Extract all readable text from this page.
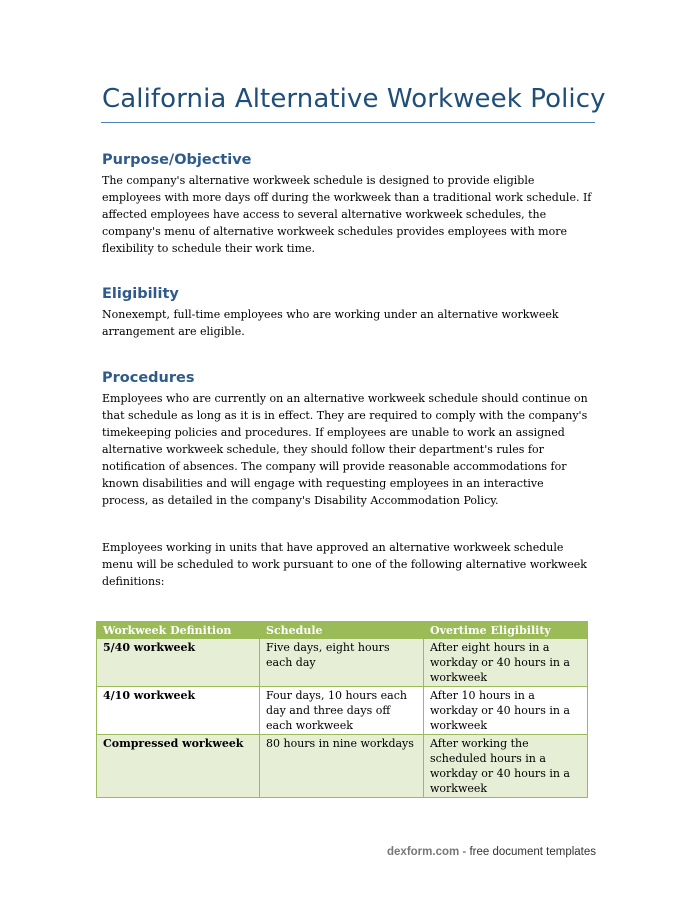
California Alternative Workweek Policy
Purpose/Objective

The company's alternative workweek schedule is designed to provide eligible employees with more days off during the workweek than a traditional work schedule. If affected employees have access to several alternative workweek schedules, the company's menu of alternative workweek schedules provides employees with more flexibility to schedule their work time.

Eligibility

Nonexempt, full-time employees who are working under an alternative workweek arrangement are eligible.

Procedures

Employees who are currently on an alternative workweek schedule should continue on that schedule as long as it is in effect. They are required to comply with the company's timekeeping policies and procedures. If employees are unable to work an assigned alternative workweek schedule, they should follow their department's rules for notification of absences. The company will provide reasonable accommodations for known disabilities and will engage with requesting employees in an interactive process, as detailed in the company's Disability Accommodation Policy.

Employees working in units that have approved an alternative workweek schedule menu will be scheduled to work pursuant to one of the following alternative workweek definitions:

Workweek Definition	Schedule	Overtime Eligibility
5/40 workweek	Five days, eight hours each day	After eight hours in a workday or 40 hours in a workweek
4/10 workweek	Four days, 10 hours each day and three days off each workweek	After 10 hours in a workday or 40 hours in a workweek
Compressed workweek	80 hours in nine workdays	After working the scheduled hours in a workday or 40 hours in a workweek
dexform.com - free document templates
